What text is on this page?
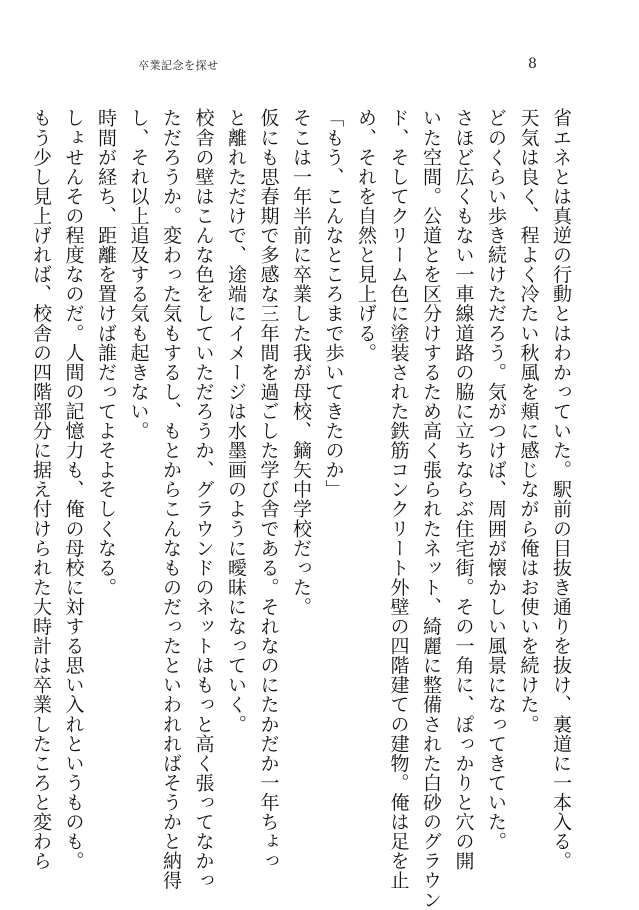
卒業記念を探せ	8

省エネとは真逆の行動とはわかっていた。駅前の目抜き通りを抜け、裏道に一本入る。

天気は良く、程よく冷たい秋風を頬に感じながら俺はお使いを続けた。

どのくらい歩き続けただろう。気がつけば、周囲が懐かしい風景になってきていた。

さほど広くもない一車線道路の脇に立ちならぶ住宅街。その一角に、ぽっかりと穴の開

いた空間。公道とを区分けするため高く張られたネット、綺麗に整備された白砂のグラウン

ド、そしてクリーム色に塗装された鉄筋コンクリート外壁の四階建ての建物。俺は足を止

め、それを自然と見上げる。

「もう、こんなところまで歩いてきたのか」

そこは一年半前に卒業した我が母校、鏑矢中学校だった。

仮にも思春期で多感な三年間を過ごした学び舎である。それなのにたかだか一年ちょっ

と離れただけで、途端にイメージは水墨画のように曖昧になっていく。

校舎の壁はこんな色をしていただろうか、グラウンドのネットはもっと高く張ってなかっ

ただろうか。変わった気もするし、もとからこんなものだったといわれればそうかと納得

し、それ以上追及する気も起きない。

時間が経ち、距離を置けば誰だってよそよそしくなる。

しょせんその程度なのだ。人間の記憶力も、俺の母校に対する思い入れというものも。

もう少し見上げれば、校舎の四階部分に据え付けられた大時計は卒業したころと変わら
